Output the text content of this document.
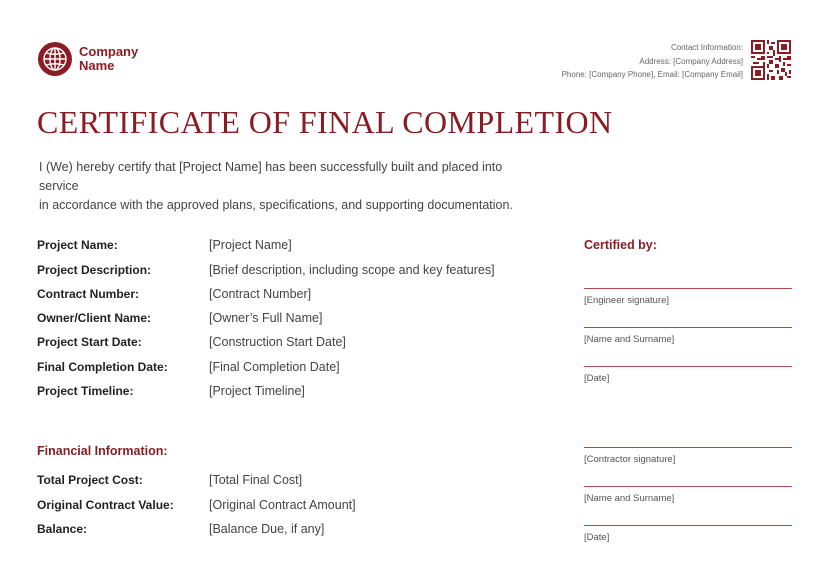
Company
Name
Contact Information:
Address: [Company Address]
Phone: [Company Phone], Email: [Company Email]
CERTIFICATE OF FINAL COMPLETION

I (We) hereby certify that [Project Name] has been successfully built and placed into service

in accordance with the approved plans, specifications, and supporting documentation.

Project Name:	[Project Name]
Project Description:	[Brief description, including scope and key features]
Contract Number:	[Contract Number]
Owner/Client Name:	[Owner’s Full Name]
Project Start Date:	[Construction Start Date]
Final Completion Date:	[Final Completion Date]
Project Timeline:	[Project Timeline]
Financial Information:
Total Project Cost:	[Total Final Cost]
Original Contract Value:	[Original Contract Amount]
Balance:	[Balance Due, if any]
Certified by:
[Engineer signature]
[Name and Surname]
[Date]
[Contractor signature]
[Name and Surname]
[Date]
